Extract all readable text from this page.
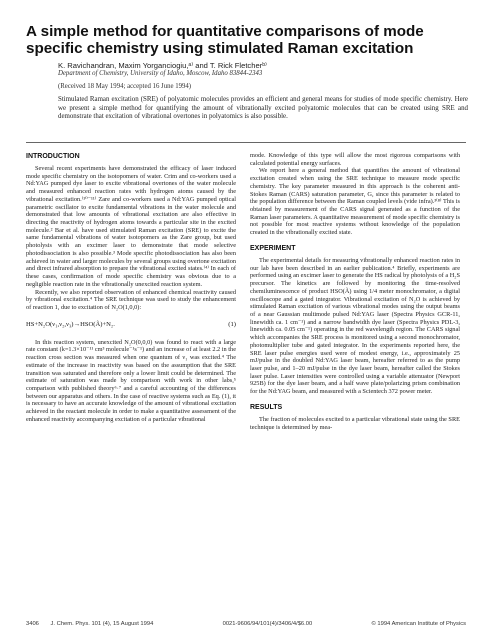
A simple method for quantitative comparisons of mode specific chemistry using stimulated Raman excitation
K. Ravichandran, Maxim Yorganciogiu,ᵃ⁾ and T. Rick Fletcherᵇ⁾
Department of Chemistry, University of Idaho, Moscow, Idaho 83844-2343
(Received 18 May 1994; accepted 16 June 1994)
Stimulated Raman excitation (SRE) of polyatomic molecules provides an efficient and general means for studies of mode specific chemistry. Here we present a simple method for quantifying the amount of vibrationally excited polyatomic molecules that can be created using SRE and demonstrate that excitation of vibrational overtones in polyatomics is also possible.
INTRODUCTION

Several recent experiments have demonstrated the efficacy of laser induced mode specific chemistry on the isotopomers of water. Crim and co-workers used a Nd:YAG pumped dye laser to excite vibrational overtones of the water molecule and measured enhanced reaction rates with hydrogen atoms caused by the vibrational excitation.⁽¹⁰⁻¹¹⁾ Zare and co-workers used a Nd:YAG pumped optical parametric oscillator to excite fundamental vibrations in the water molecule and demonstrated that low amounts of vibrational excitation are also effective in directing the reactivity of hydrogen atoms towards a particular site in the excited molecule.² Bar et al. have used stimulated Raman excitation (SRE) to excite the same fundamental vibrations of water isotopomers as the Zare group, but used photolysis with an excimer laser to demonstrate that mode selective photodissociation is also possible.³ Mode specific photodissociation has also been achieved in water and larger molecules by several groups using overtone excitation and direct infrared absorption to prepare the vibrational excited states.⁽⁴⁾ In each of these cases, confirmation of mode specific chemistry was obvious due to a negligible reaction rate in the vibrationally unexcited reaction system.

Recently, we also reported observation of enhanced chemical reactivity caused by vibrational excitation.⁴ The SRE technique was used to study the enhancement of reaction 1, due to excitation of N₂O(1,0,0):

HS+N₂O(ν₁,ν₂,ν₃)→HSO(Ã)+N₂.	(1)

In this reaction system, unexcited N₂O(0,0,0) was found to react with a large rate constant (k=1.3×10⁻¹¹ cm³ molecule⁻¹s⁻¹) and an increase of at least 2.2 in the reaction cross section was measured when one quantum of ν₁ was excited.⁴ The estimate of the increase in reactivity was based on the assumption that the SRE transition was saturated and therefore only a lower limit could be determined. The estimate of saturation was made by comparison with work in other labs,⁵ comparison with published theory⁶·⁷ and a careful accounting of the differences between our apparatus and others. In the case of reactive systems such as Eq. (1), it is necessary to have an accurate knowledge of the amount of vibrational excitation achieved in the reactant molecule in order to make a quantitative assessment of the enhanced reactivity accompanying excitation of a particular vibrational

mode. Knowledge of this type will allow the most rigorous comparisons with calculated potential energy surfaces.

We report here a general method that quantifies the amount of vibrational excitation created when using the SRE technique to measure mode specific chemistry. The key parameter measured in this approach is the coherent anti-Stokes Raman (CARS) saturation parameter, G, since this parameter is related to the population difference between the Raman coupled levels (vide infra).³⁽⁸⁾ This is obtained by measurement of the CARS signal generated as a function of the Raman laser parameters. A quantitative measurement of mode specific chemistry is not possible for most reactive systems without knowledge of the population created in the vibrationally excited state.

EXPERIMENT

The experimental details for measuring vibrationally enhanced reaction rates in our lab have been described in an earlier publication.⁴ Briefly, experiments are performed using an excimer laser to generate the HS radical by photolysis of a H₂S precursor. The kinetics are followed by monitoring the time-resolved chemiluminescence of product HSO(Ã) using 1/4 meter monochromator, a digital oscilloscope and a gated integrator. Vibrational excitation of N₂O is achieved by stimulated Raman excitation of various vibrational modes using the output beams of a near Gaussian multimode pulsed Nd:YAG laser (Spectra Physics GCR-11, linewidth ca. 1 cm⁻¹) and a narrow bandwidth dye laser (Spectra Physics PDL-3, linewidth ca. 0.05 cm⁻¹) operating in the red wavelength region. The CARS signal which accompanies the SRE process is monitored using a second monochromator, photomultiplier tube and gated integrator. In the experiments reported here, the SRE laser pulse energies used were of modest energy, i.e., approximately 25 mJ/pulse in the doubled Nd:YAG laser beam, hereafter referred to as the pump laser pulse, and 1–20 mJ/pulse in the dye laser beam, hereafter called the Stokes laser pulse. Laser intensities were controlled using a variable attenuator (Newport 925B) for the dye laser beam, and a half wave plate/polarizing prism combination for the Nd:YAG beam, and measured with a Scientech 372 power meter.

RESULTS

The fraction of molecules excited to a particular vibrational state using the SRE technique is determined by mea-

3406 J. Chem. Phys. 101 (4), 15 August 1994	0021-9606/94/101(4)/3406/4/$6.00	© 1994 American Institute of Physics
